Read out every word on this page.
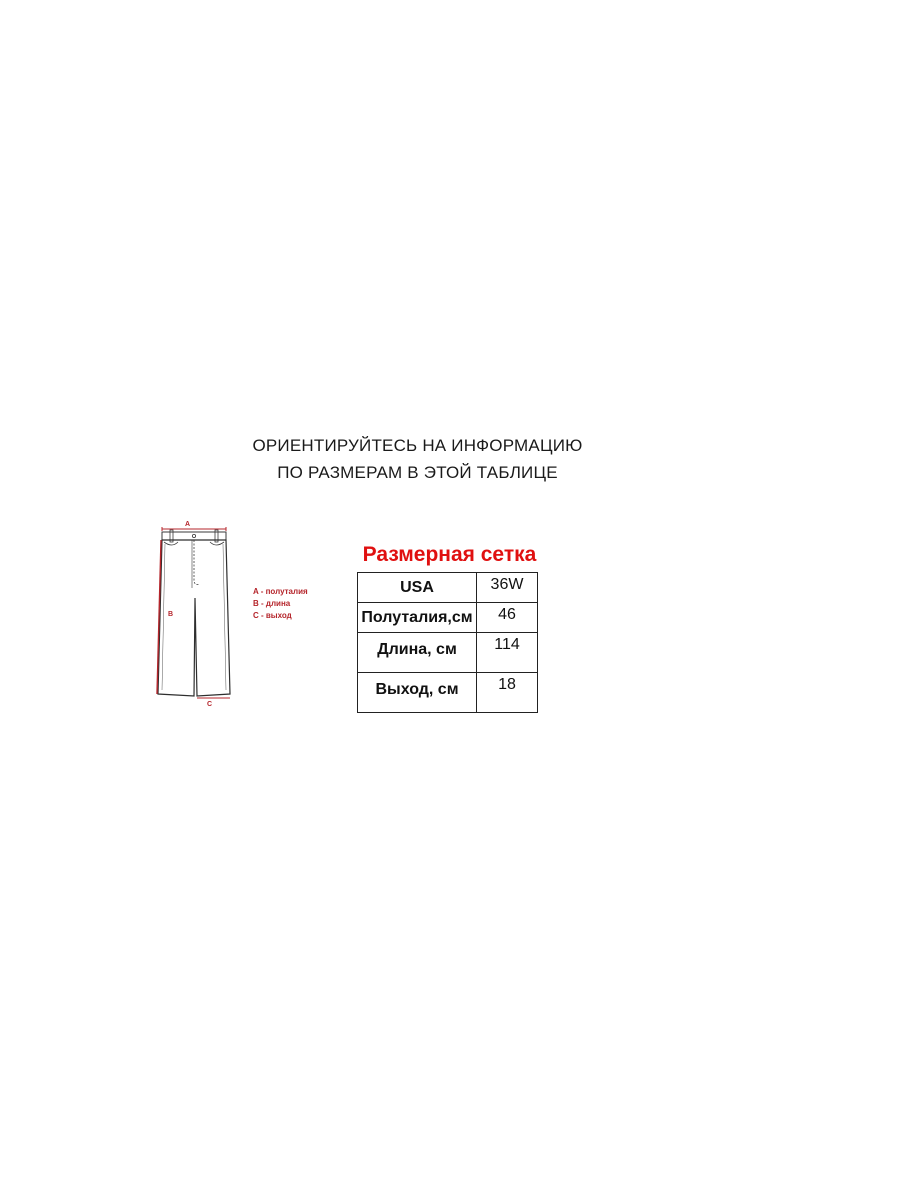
ОРИЕНТИРУЙТЕСЬ НА ИНФОРМАЦИЮ
ПО РАЗМЕРАМ В ЭТОЙ ТАБЛИЦЕ
A
B
C
A - полуталия
B - длина
C - выход
Размерная сетка
USA	36W
Полуталия,см	46
Длина, см	114
Выход, см	18
